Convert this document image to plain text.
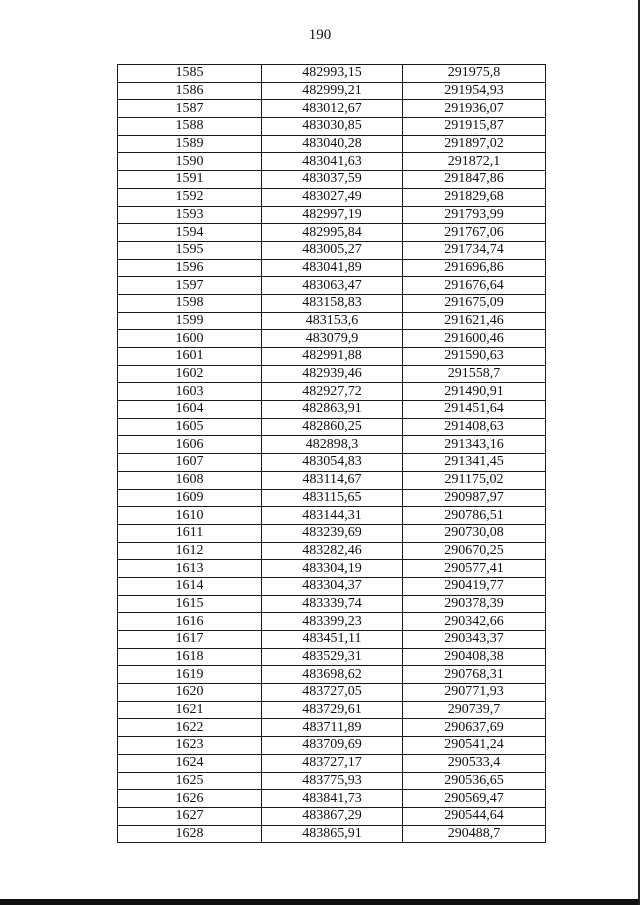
190
1585	482993,15	291975,8
1586	482999,21	291954,93
1587	483012,67	291936,07
1588	483030,85	291915,87
1589	483040,28	291897,02
1590	483041,63	291872,1
1591	483037,59	291847,86
1592	483027,49	291829,68
1593	482997,19	291793,99
1594	482995,84	291767,06
1595	483005,27	291734,74
1596	483041,89	291696,86
1597	483063,47	291676,64
1598	483158,83	291675,09
1599	483153,6	291621,46
1600	483079,9	291600,46
1601	482991,88	291590,63
1602	482939,46	291558,7
1603	482927,72	291490,91
1604	482863,91	291451,64
1605	482860,25	291408,63
1606	482898,3	291343,16
1607	483054,83	291341,45
1608	483114,67	291175,02
1609	483115,65	290987,97
1610	483144,31	290786,51
1611	483239,69	290730,08
1612	483282,46	290670,25
1613	483304,19	290577,41
1614	483304,37	290419,77
1615	483339,74	290378,39
1616	483399,23	290342,66
1617	483451,11	290343,37
1618	483529,31	290408,38
1619	483698,62	290768,31
1620	483727,05	290771,93
1621	483729,61	290739,7
1622	483711,89	290637,69
1623	483709,69	290541,24
1624	483727,17	290533,4
1625	483775,93	290536,65
1626	483841,73	290569,47
1627	483867,29	290544,64
1628	483865,91	290488,7
